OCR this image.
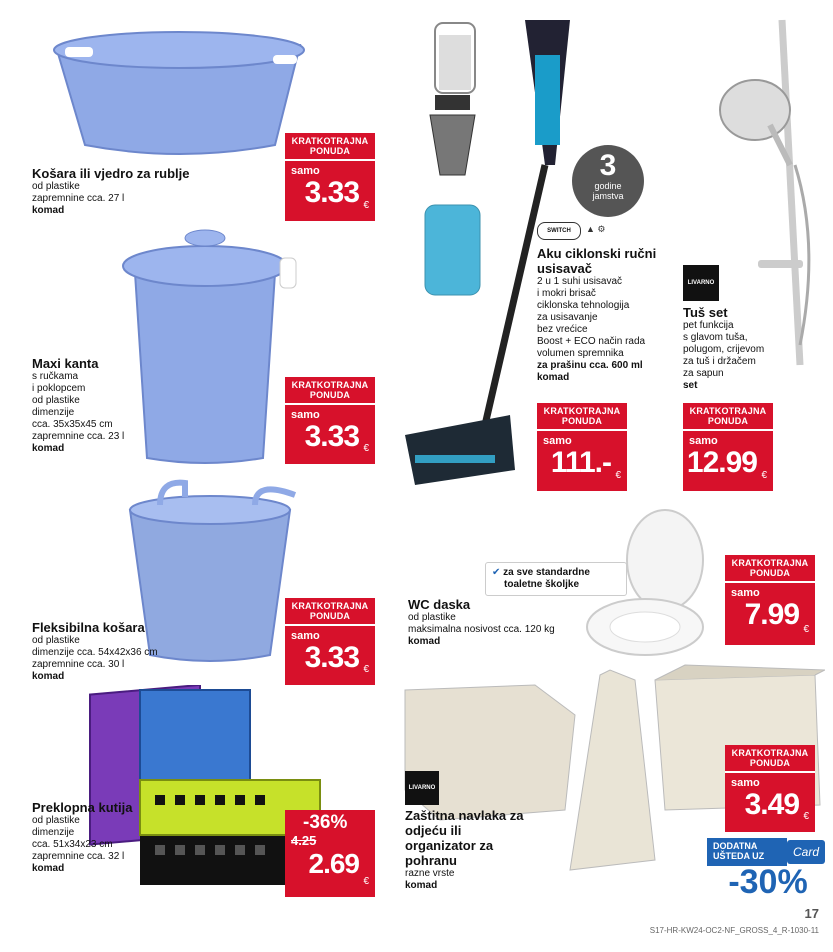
Košara ili vjedro za rublje
od plastike
zapremnine cca. 27 l
komad
Maxi kanta
s ručkama
i poklopcem
od plastike
dimenzije
cca. 35x35x45 cm
zapremnine cca. 23 l
komad
Fleksibilna košara
od plastike
dimenzije cca. 54x42x36 cm
zapremnine cca. 30 l
komad
Preklopna kutija
od plastike
dimenzije
cca. 51x34x23 cm
zapremnine cca. 32 l
komad
SWITCH ▲ ⚙
Aku ciklonski ručni usisavač
2 u 1 suhi usisavač
i mokri brisač
ciklonska tehnologija
za usisavanje
bez vrećice
Boost + ECO način rada
volumen spremnika
za prašinu cca. 600 ml
komad
3
godine jamstva
LIVARNO
Tuš set
pet funkcija
s glavom tuša,
polugom, crijevom
za tuš i držačem
za sapun
set
✔ za sve standardne
toaletne školjke
WC daska
od plastike
maksimalna nosivost cca. 120 kg
komad
LIVARNO
Zaštitna navlaka za odjeću ili organizator za pohranu
razne vrste
komad
KRATKOTRAJNA PONUDA
samo
3.33 €
KRATKOTRAJNA PONUDA
samo
3.33 €
KRATKOTRAJNA PONUDA
samo
3.33 €
-36%
4.25
2.69
€
KRATKOTRAJNA PONUDA
samo
111.- €
KRATKOTRAJNA PONUDA
samo
12.99 €
KRATKOTRAJNA PONUDA
samo
7.99 €
KRATKOTRAJNA PONUDA
samo
3.49 €
DODATNA
UŠTEDA UZ	Card
-30%
17
S17-HR-KW24-OC2-NF_GROSS_4_R-1030-11
